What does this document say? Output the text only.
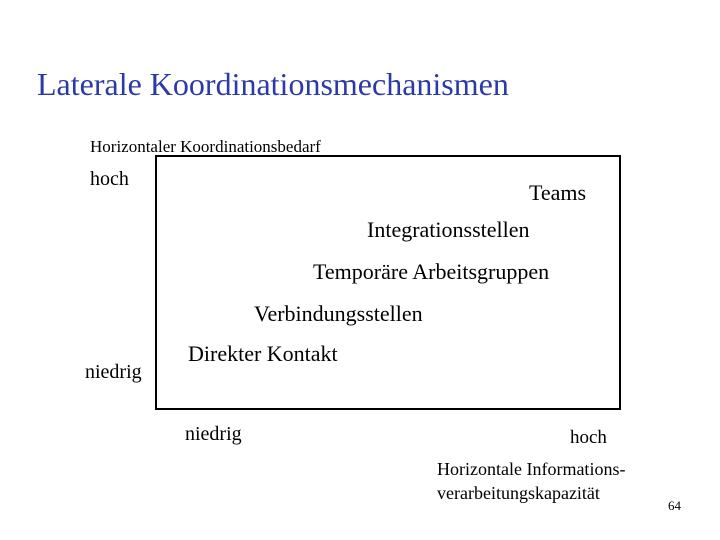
Laterale Koordinationsmechanismen
Horizontaler Koordinationsbedarf
hoch
niedrig
Teams
Integrationsstellen
Temporäre Arbeitsgruppen
Verbindungsstellen
Direkter Kontakt
niedrig	hoch
Horizontale Informations-
verarbeitungskapazität
64
